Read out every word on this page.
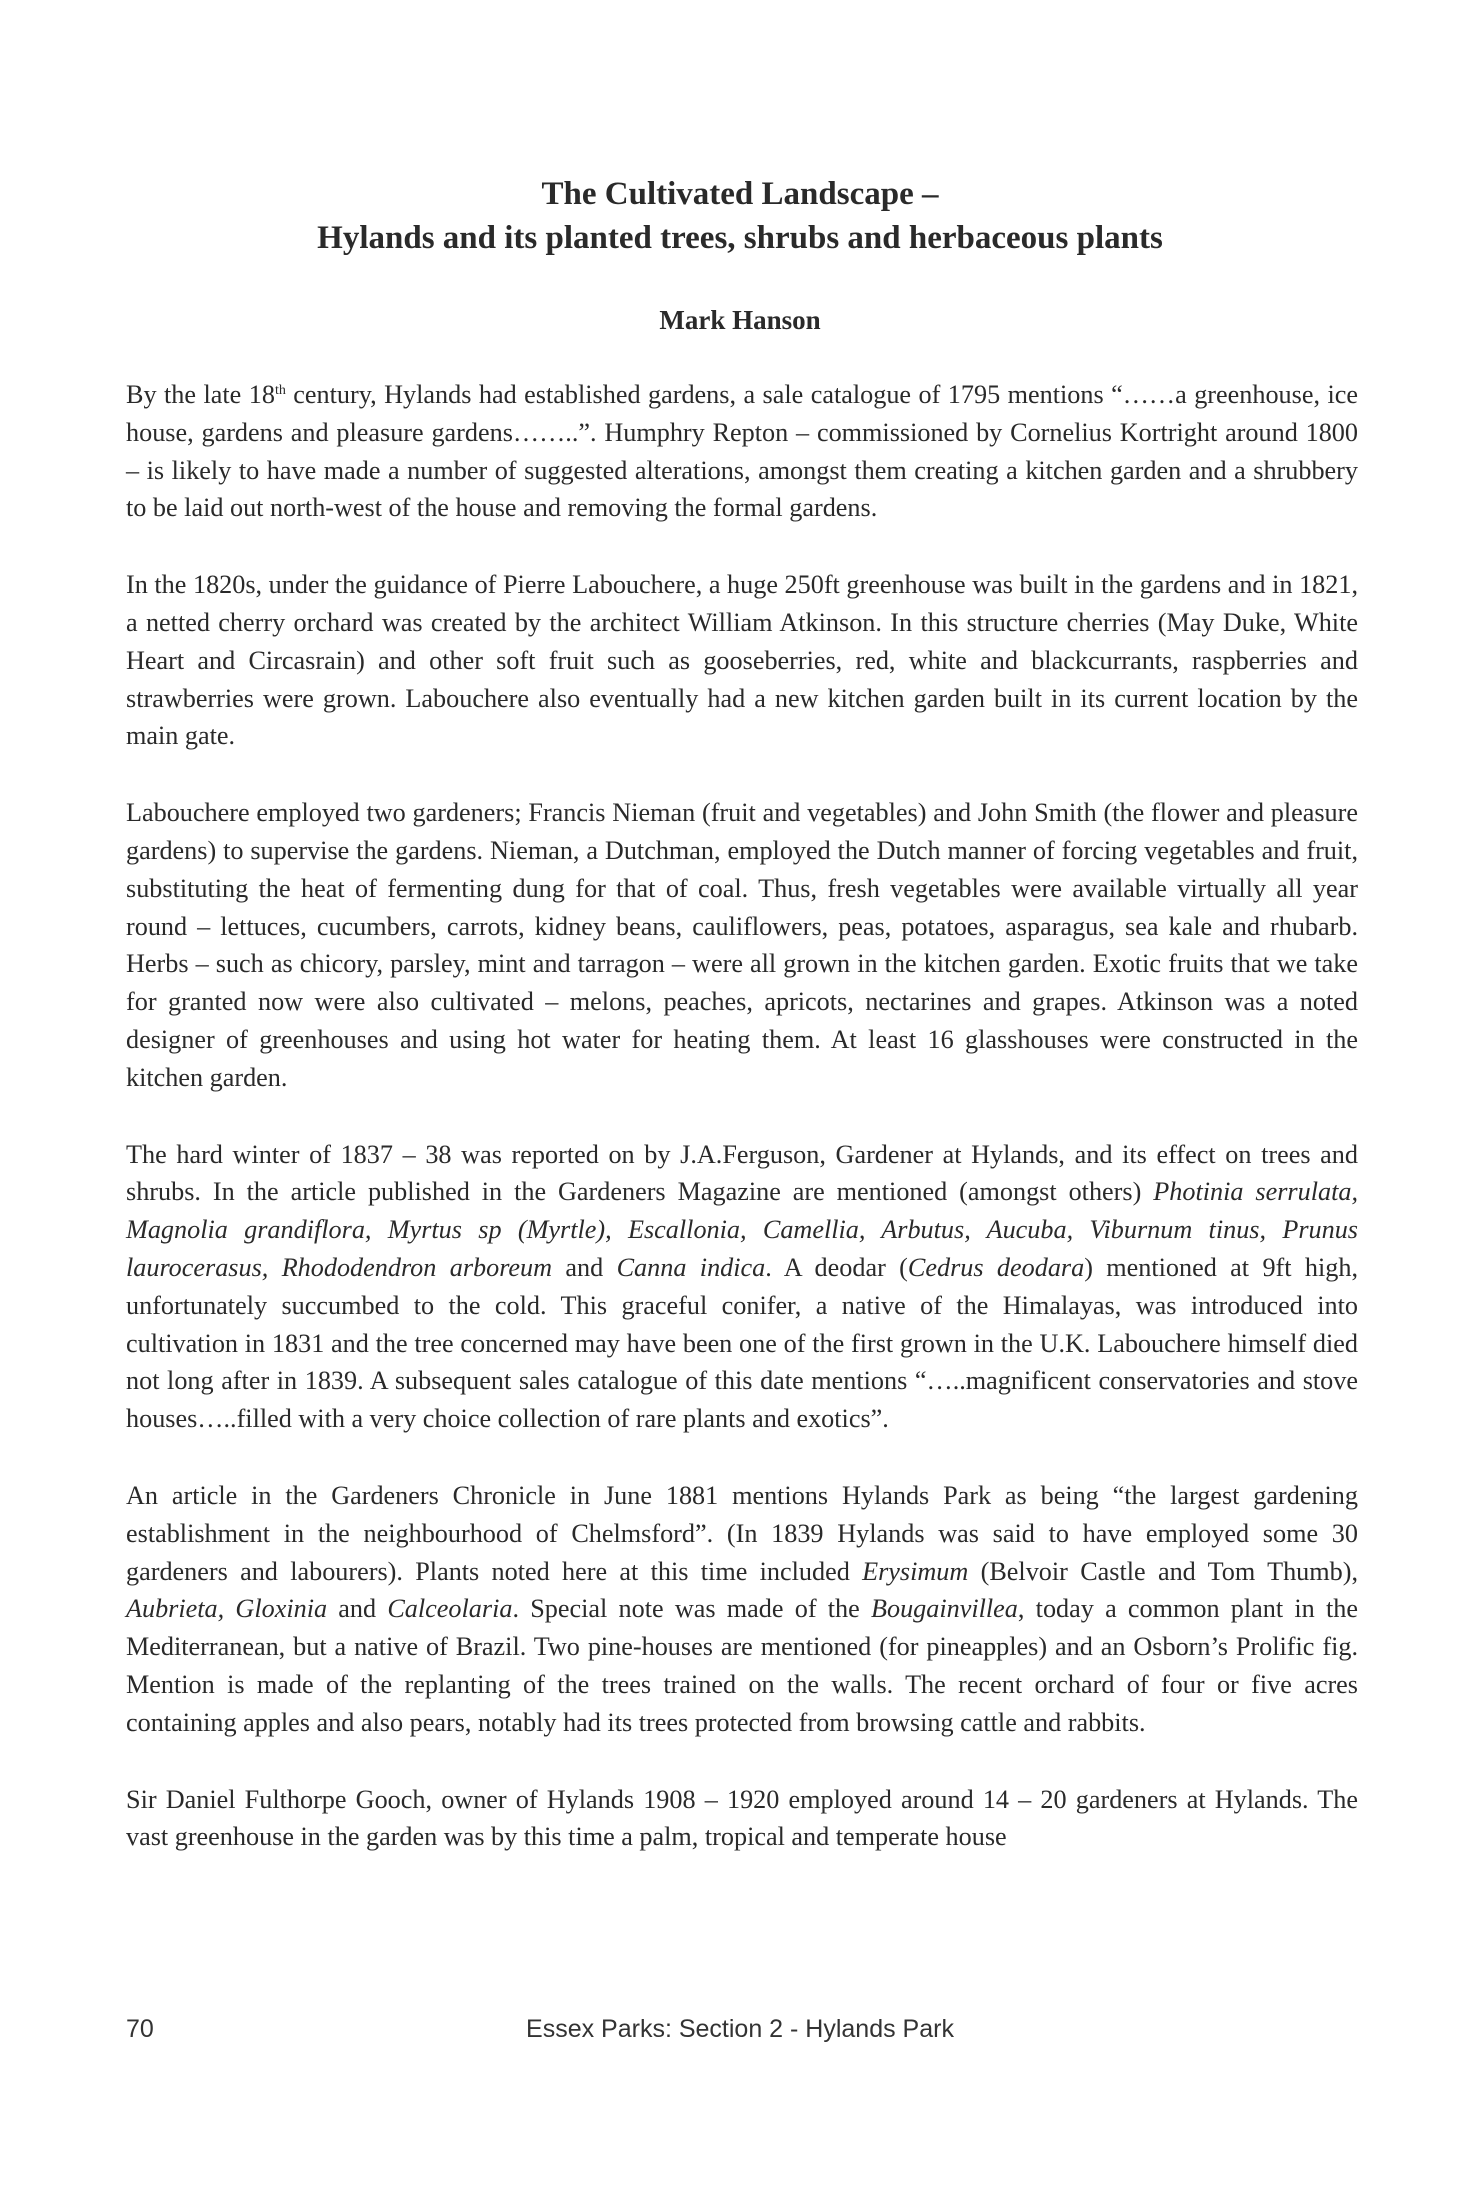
The Cultivated Landscape –

Hylands and its planted trees, shrubs and herbaceous plants

Mark Hanson

By the late 18th century, Hylands had established gardens, a sale catalogue of 1795 mentions “……a greenhouse, ice house, gardens and pleasure gardens……..”. Humphry Repton – commissioned by Cornelius Kortright around 1800 – is likely to have made a number of suggested alterations, amongst them creating a kitchen garden and a shrubbery to be laid out north-west of the house and removing the formal gardens.

In the 1820s, under the guidance of Pierre Labouchere, a huge 250ft greenhouse was built in the gardens and in 1821, a netted cherry orchard was created by the architect William Atkinson. In this structure cherries (May Duke, White Heart and Circasrain) and other soft fruit such as gooseberries, red, white and blackcurrants, raspberries and strawberries were grown. Labouchere also eventually had a new kitchen garden built in its current location by the main gate.

Labouchere employed two gardeners; Francis Nieman (fruit and vegetables) and John Smith (the flower and pleasure gardens) to supervise the gardens. Nieman, a Dutchman, employed the Dutch manner of forcing vegetables and fruit, substituting the heat of fermenting dung for that of coal. Thus, fresh vegetables were available virtually all year round – lettuces, cucumbers, carrots, kidney beans, cauliflowers, peas, potatoes, asparagus, sea kale and rhubarb. Herbs – such as chicory, parsley, mint and tarragon – were all grown in the kitchen garden. Exotic fruits that we take for granted now were also cultivated – melons, peaches, apricots, nectarines and grapes. Atkinson was a noted designer of greenhouses and using hot water for heating them. At least 16 glasshouses were constructed in the kitchen garden.

The hard winter of 1837 – 38 was reported on by J.A.Ferguson, Gardener at Hylands, and its effect on trees and shrubs. In the article published in the Gardeners Magazine are mentioned (amongst others) Photinia serrulata, Magnolia grandiflora, Myrtus sp (Myrtle), Escallonia, Camellia, Arbutus, Aucuba, Viburnum tinus, Prunus laurocerasus, Rhododendron arboreum and Canna indica. A deodar (Cedrus deodara) mentioned at 9ft high, unfortunately succumbed to the cold. This graceful conifer, a native of the Himalayas, was introduced into cultivation in 1831 and the tree concerned may have been one of the first grown in the U.K. Labouchere himself died not long after in 1839. A subsequent sales catalogue of this date mentions “…..magnificent conservatories and stove houses…..filled with a very choice collection of rare plants and exotics”.

An article in the Gardeners Chronicle in June 1881 mentions Hylands Park as being “the largest gardening establishment in the neighbourhood of Chelmsford”. (In 1839 Hylands was said to have employed some 30 gardeners and labourers). Plants noted here at this time included Erysimum (Belvoir Castle and Tom Thumb), Aubrieta, Gloxinia and Calceolaria. Special note was made of the Bougainvillea, today a common plant in the Mediterranean, but a native of Brazil. Two pine-houses are mentioned (for pineapples) and an Osborn’s Prolific fig. Mention is made of the replanting of the trees trained on the walls. The recent orchard of four or five acres containing apples and also pears, notably had its trees protected from browsing cattle and rabbits.

Sir Daniel Fulthorpe Gooch, owner of Hylands 1908 – 1920 employed around 14 – 20 gardeners at Hylands. The vast greenhouse in the garden was by this time a palm, tropical and temperate house

Essex Parks: Section 2 - Hylands Park
70
